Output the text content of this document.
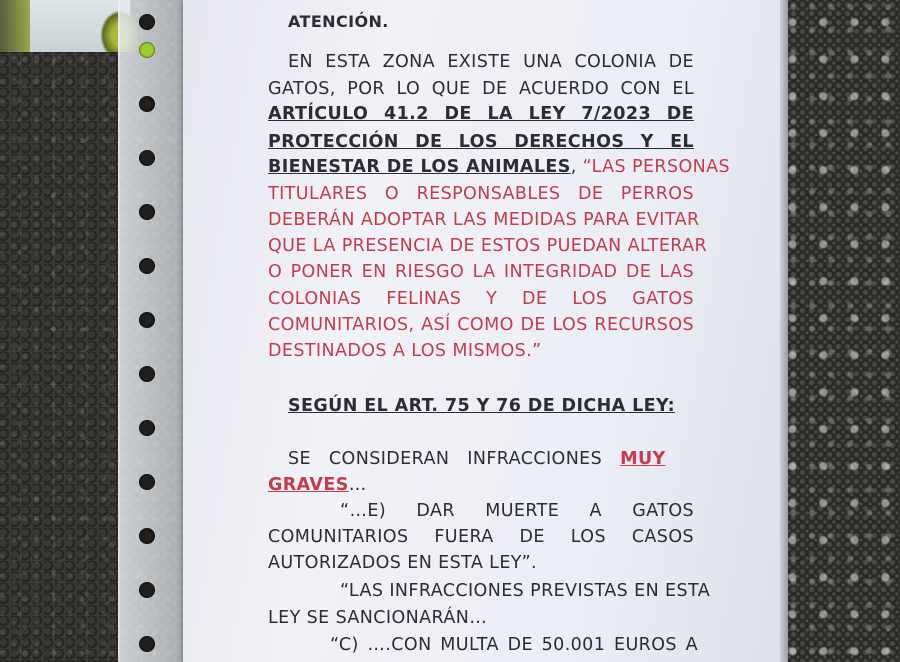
ATENCIÓN.
EN ESTA ZONA EXISTE UNA COLONIA DE
GATOS, POR LO QUE DE ACUERDO CON EL
ARTÍCULO 41.2 DE LA LEY 7/2023 DE
PROTECCIÓN DE LOS DERECHOS Y EL
BIENESTAR DE LOS ANIMALES, “LAS PERSONAS
TITULARES O RESPONSABLES DE PERROS
DEBERÁN ADOPTAR LAS MEDIDAS PARA EVITAR
QUE LA PRESENCIA DE ESTOS PUEDAN ALTERAR
O PONER EN RIESGO LA INTEGRIDAD DE LAS
COLONIAS FELINAS Y DE LOS GATOS
COMUNITARIOS, ASÍ COMO DE LOS RECURSOS
DESTINADOS A LOS MISMOS.”
SEGÚN EL ART. 75 Y 76 DE DICHA LEY:
SE CONSIDERAN INFRACCIONES MUY
GRAVES…
“…E) DAR MUERTE A GATOS
COMUNITARIOS FUERA DE LOS CASOS
AUTORIZADOS EN ESTA LEY”.
“LAS INFRACCIONES PREVISTAS EN ESTA
LEY SE SANCIONARÁN…
“C) ….CON MULTA DE 50.001 EUROS A
